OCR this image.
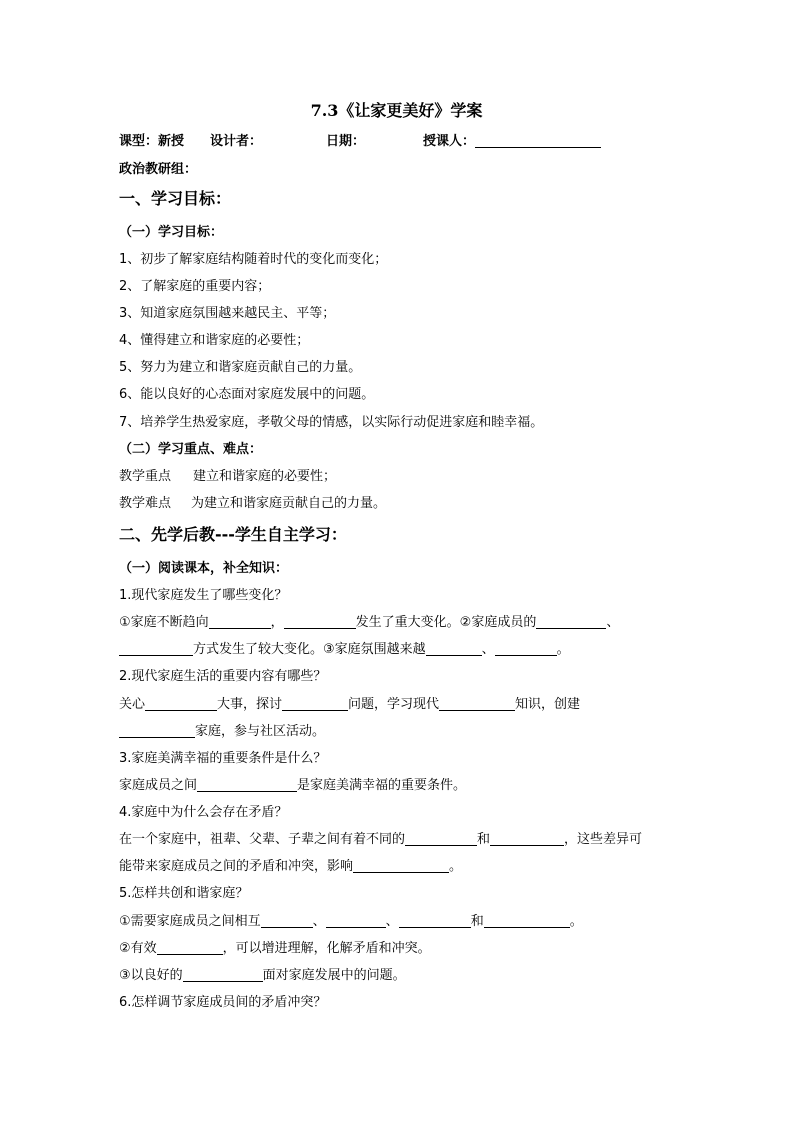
7.3《让家更美好》学案
课型：新授 设计者：	日期：	授课人：
政治教研组：
一、学习目标：
（一）学习目标：
1、初步了解家庭结构随着时代的变化而变化；
2、了解家庭的重要内容；
3、知道家庭氛围越来越民主、平等；
4、懂得建立和谐家庭的必要性；
5、努力为建立和谐家庭贡献自己的力量。
6、能以良好的心态面对家庭发展中的问题。
7、培养学生热爱家庭，孝敬父母的情感，以实际行动促进家庭和睦幸福。
（二）学习重点、难点：
教学重点 建立和谐家庭的必要性；
教学难点 为建立和谐家庭贡献自己的力量。
二、先学后教---学生自主学习：
（一）阅读课本，补全知识：
1.现代家庭发生了哪些变化？
①家庭不断趋向	，	发生了重大变化。②家庭成员的	、
方式发生了较大变化。③家庭氛围越来越	、	。
2.现代家庭生活的重要内容有哪些？
关心	大事，探讨	问题，学习现代	知识，创建
家庭，参与社区活动。
3.家庭美满幸福的重要条件是什么？
家庭成员之间	是家庭美满幸福的重要条件。
4.家庭中为什么会存在矛盾？
在一个家庭中，祖辈、父辈、子辈之间有着不同的	和	，这些差异可
能带来家庭成员之间的矛盾和冲突，影响	。
5.怎样共创和谐家庭？
①需要家庭成员之间相互	、	、	和	。
②有效	，可以增进理解，化解矛盾和冲突。
③以良好的	面对家庭发展中的问题。
6.怎样调节家庭成员间的矛盾冲突？
